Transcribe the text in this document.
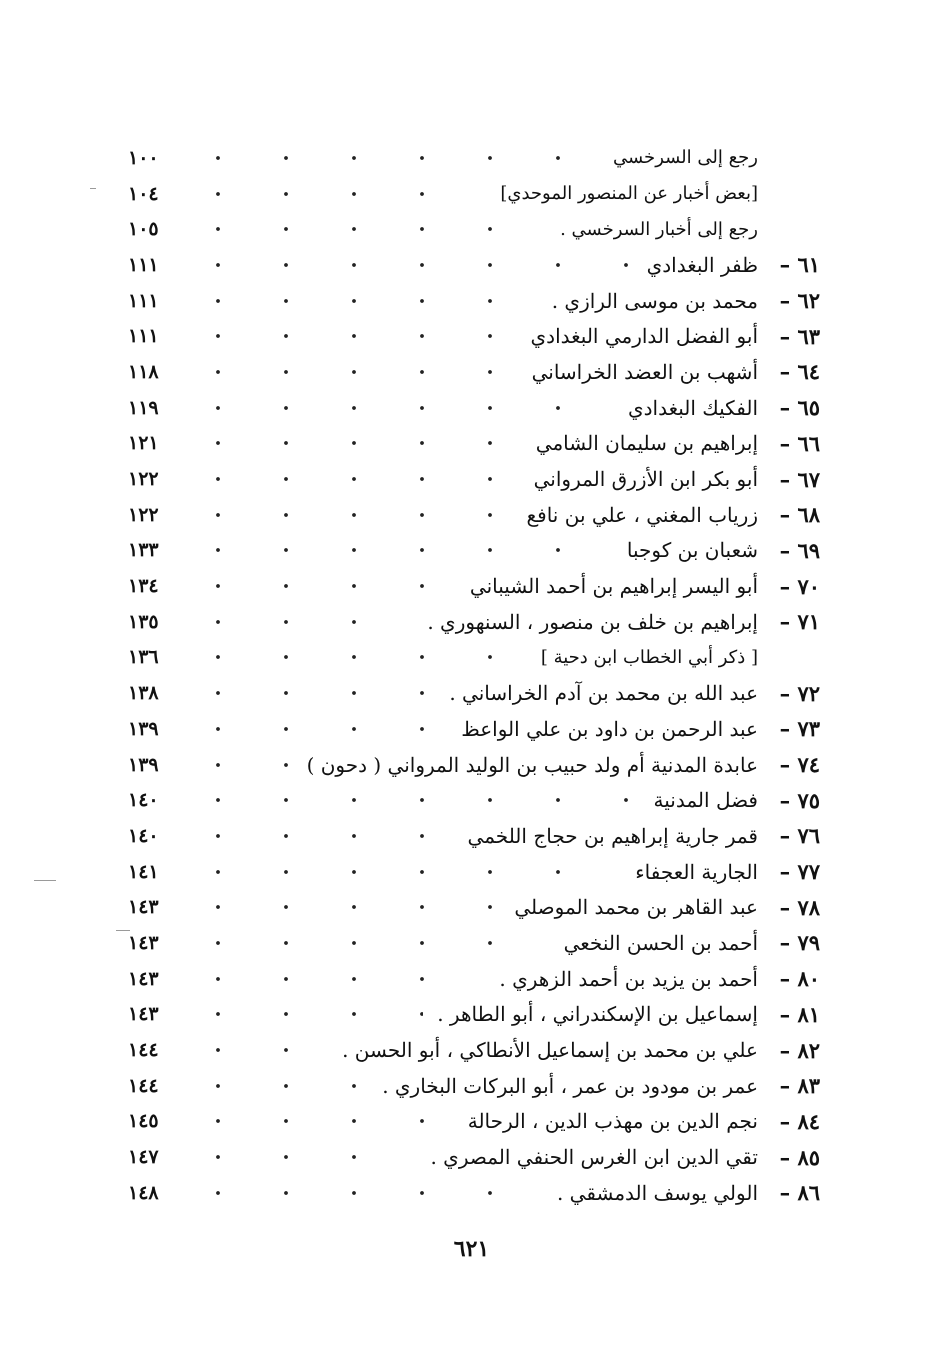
رجع إلى السرخسي
١٠٠
[بعض أخبار عن المنصور الموحدي]
١٠٤
رجع إلى أخبار السرخسي .
١٠٥
٦١ –
ظفر البغدادي
١١١
٦٢ –
محمد بن موسى الرازي .
١١١
٦٣ –
أبو الفضل الدارمي البغدادي
١١١
٦٤ –
أشهب بن العضد الخراساني
١١٨
٦٥ –
الفكيك البغدادي
١١٩
٦٦ –
إبراهيم بن سليمان الشامي
١٢١
٦٧ –
أبو بكر ابن الأزرق المرواني
١٢٢
٦٨ –
زرياب المغني ، علي بن نافع
١٢٢
٦٩ –
شعبان بن كوجبا
١٣٣
٧٠ –
أبو اليسر إبراهيم بن أحمد الشيباني
١٣٤
٧١ –
إبراهيم بن خلف بن منصور ، السنهوري .
١٣٥
[ ذكر أبي الخطاب ابن دحية ]
١٣٦
٧٢ –
عبد الله بن محمد بن آدم الخراساني .
١٣٨
٧٣ –
عبد الرحمن بن داود بن علي الواعظ
١٣٩
٧٤ –
عابدة المدنية أم ولد حبيب بن الوليد المرواني ( دحون )
١٣٩
٧٥ –
فضل المدنية
١٤٠
٧٦ –
قمر جارية إبراهيم بن حجاج اللخمي
١٤٠
٧٧ –
الجارية العجفاء
١٤١
٧٨ –
عبد القاهر بن محمد الموصلي
١٤٣
٧٩ –
أحمد بن الحسن النخعي
١٤٣
٨٠ –
أحمد بن يزيد بن أحمد الزهري .
١٤٣
٨١ –
إسماعيل بن الإسكندراني ، أبو الطاهر .
١٤٣
٨٢ –
علي بن محمد بن إسماعيل الأنطاكي ، أبو الحسن .
١٤٤
٨٣ –
عمر بن مودود بن عمر ، أبو البركات البخاري .
١٤٤
٨٤ –
نجم الدين بن مهذب الدين ، الرحالة
١٤٥
٨٥ –
تقي الدين ابن الغرس الحنفي المصري .
١٤٧
٨٦ –
الولي يوسف الدمشقي .
١٤٨
٦٢١
